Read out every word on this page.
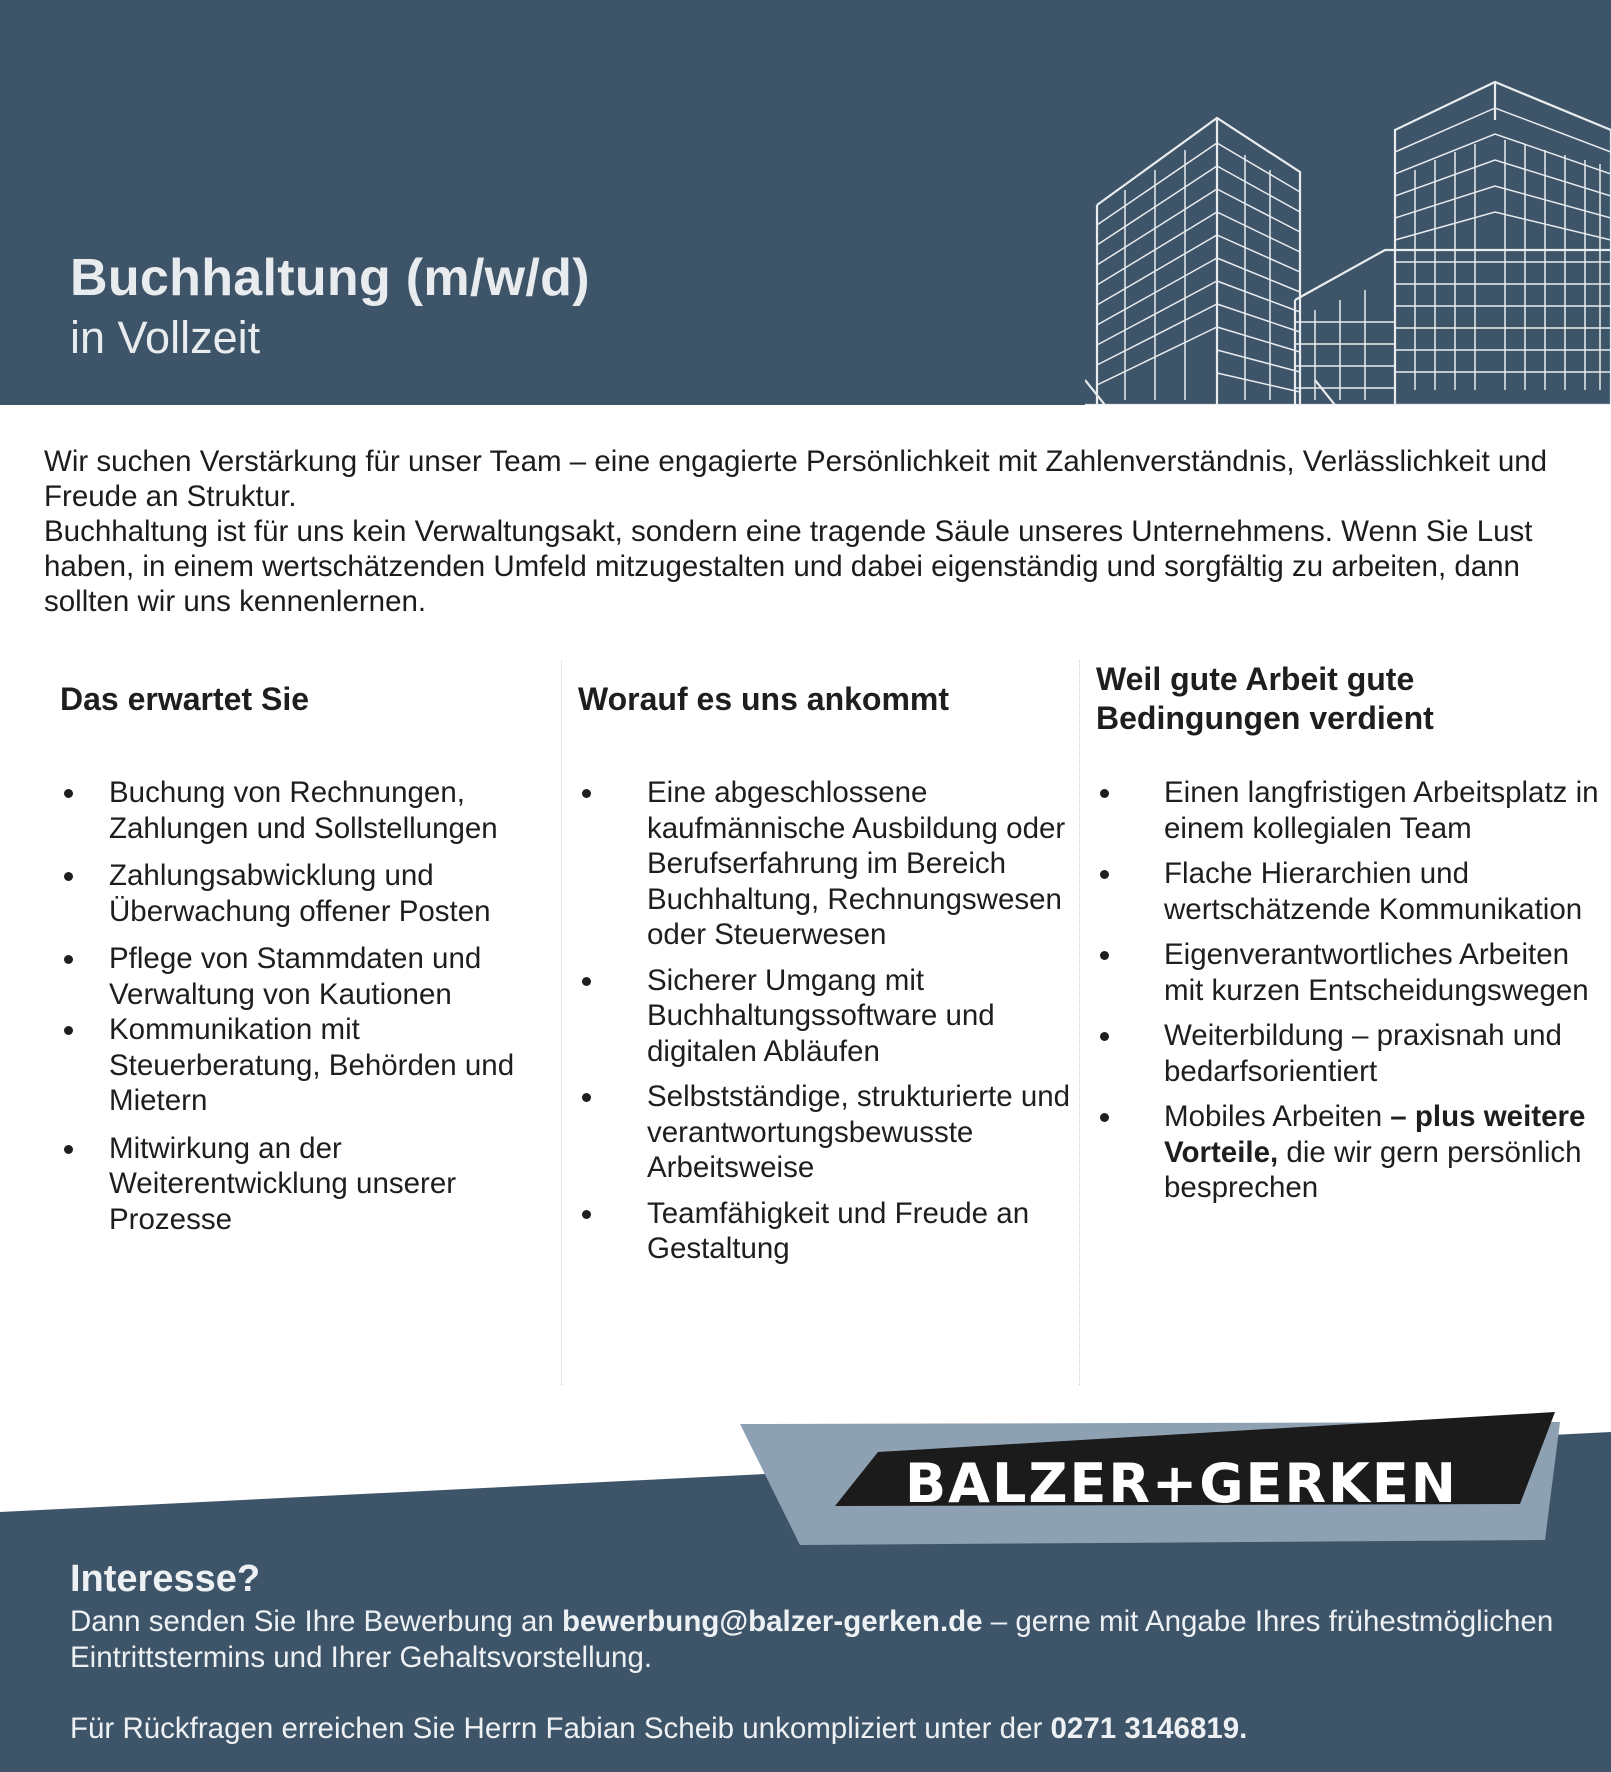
Buchhaltung (m/w/d)

in Vollzeit

Wir suchen Verstärkung für unser Team – eine engagierte Persönlichkeit mit Zahlenverständnis, Verlässlichkeit und Freude an Struktur.

Buchhaltung ist für uns kein Verwaltungsakt, sondern eine tragende Säule unseres Unternehmens. Wenn Sie Lust haben, in einem wertschätzenden Umfeld mitzugestalten und dabei eigenständig und sorgfältig zu arbeiten, dann sollten wir uns kennenlernen.

Das erwartet Sie
Buchung von Rechnungen, Zahlungen und Sollstellungen
Zahlungsabwicklung und Überwachung offener Posten
Pflege von Stammdaten und Verwaltung von Kautionen
Kommunikation mit Steuerberatung, Behörden und Mietern
Mitwirkung an der Weiterentwicklung unserer Prozesse
Worauf es uns ankommt
Eine abgeschlossene kaufmännische Ausbildung oder Berufserfahrung im Bereich Buchhaltung, Rechnungswesen oder Steuerwesen
Sicherer Umgang mit Buchhaltungssoftware und digitalen Abläufen
Selbstständige, strukturierte und verantwortungsbewusste Arbeitsweise
Teamfähigkeit und Freude an Gestaltung
Weil gute Arbeit gute Bedingungen verdient
Einen langfristigen Arbeitsplatz in einem kollegialen Team
Flache Hierarchien und wertschätzende Kommunikation
Eigenverantwortliches Arbeiten mit kurzen Entscheidungswegen
Weiterbildung – praxisnah und bedarfsorientiert
Mobiles Arbeiten – plus weitere Vorteile, die wir gern persönlich besprechen
BALZER+GERKEN
Interesse?

Dann senden Sie Ihre Bewerbung an bewerbung@balzer-gerken.de – gerne mit Angabe Ihres frühestmöglichen Eintrittstermins und Ihrer Gehaltsvorstellung.

Für Rückfragen erreichen Sie Herrn Fabian Scheib unkompliziert unter der 0271 3146819.
